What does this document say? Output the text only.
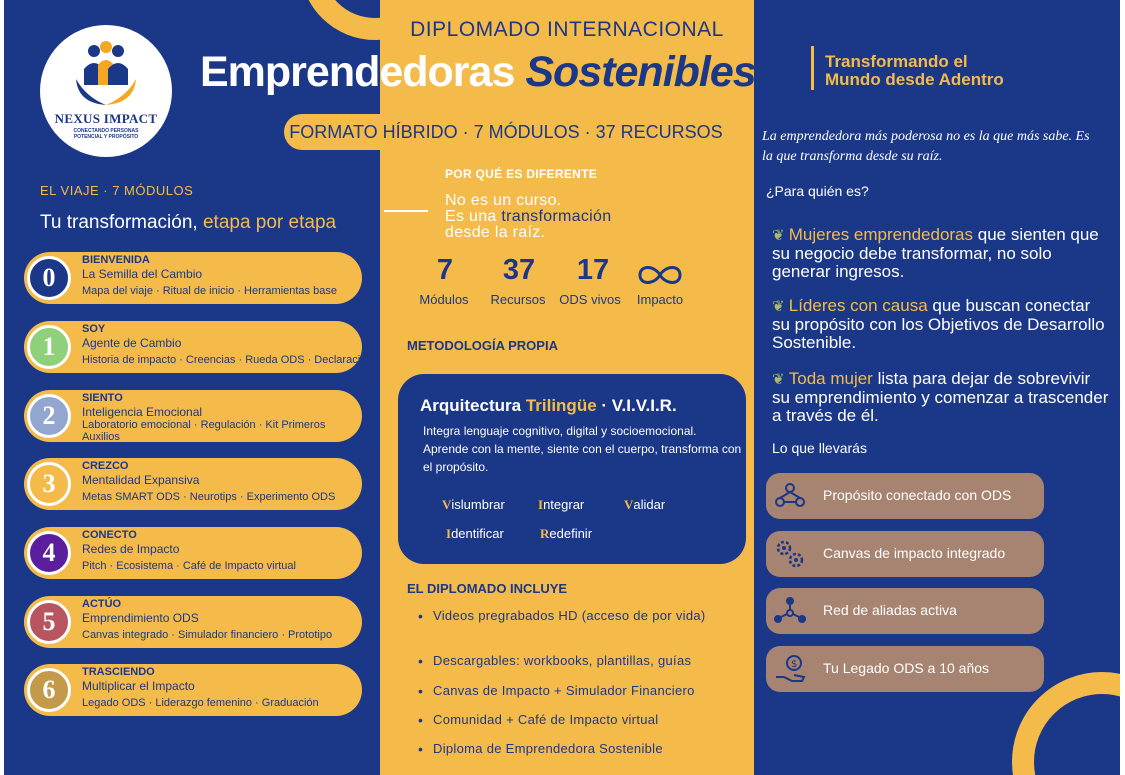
NEXUS IMPACT
CONECTANDO PERSONAS POTENCIAL Y PROPÓSITO
DIPLOMADO INTERNACIONAL
Emprendedoras Sostenibles
FORMATO HÍBRIDO · 7 MÓDULOS · 37 RECURSOS
EL VIAJE · 7 MÓDULOS
Tu transformación, etapa por etapa
0
BIENVENIDA
La Semilla del Cambio
Mapa del viaje · Ritual de inicio · Herramientas base
1
SOY
Agente de Cambio
Historia de impacto · Creencias · Rueda ODS · Declaración
2
SIENTO
Inteligencia Emocional
Laboratorio emocional · Regulación · Kit Primeros Auxilios
3
CREZCO
Mentalidad Expansiva
Metas SMART ODS · Neurotips · Experimento ODS
4
CONECTO
Redes de Impacto
Pitch · Ecosistema · Café de Impacto virtual
5
ACTÚO
Emprendimiento ODS
Canvas integrado · Simulador financiero · Prototipo
6
TRASCIENDO
Multiplicar el Impacto
Legado ODS · Liderazgo femenino · Graduación
POR QUÉ ES DIFERENTE
No es un curso.
Es una transformación
desde la raíz.
7	37 17
Módulos	Recursos	ODS vivos	Impacto
METODOLOGÍA PROPIA
Arquitectura Trilingüe · V.I.V.I.R.
Integra lenguaje cognitivo, digital y socioemocional. Aprende con la mente, siente con el cuerpo, transforma con el propósito.
Vislumbrar	Integrar	Validar
Identificar	Redefinir
EL DIPLOMADO INCLUYE
• Videos pregrabados HD (acceso de por vida)
• Descargables: workbooks, plantillas, guías
• Canvas de Impacto + Simulador Financiero
• Comunidad + Café de Impacto virtual
• Diploma de Emprendedora Sostenible
Transformando el
Mundo desde Adentro
La emprendedora más poderosa no es la que más sabe. Es la que transforma desde su raíz.
¿Para quién es?
❦ Mujeres emprendedoras que sienten que su negocio debe transformar, no solo generar ingresos.
❦ Líderes con causa que buscan conectar su propósito con los Objetivos de Desarrollo Sostenible.
❦ Toda mujer lista para dejar de sobrevivir su emprendimiento y comenzar a trascender a través de él.
Lo que llevarás
Propósito conectado con ODS
Canvas de impacto integrado
Red de aliadas activa
$ Tu Legado ODS a 10 años
